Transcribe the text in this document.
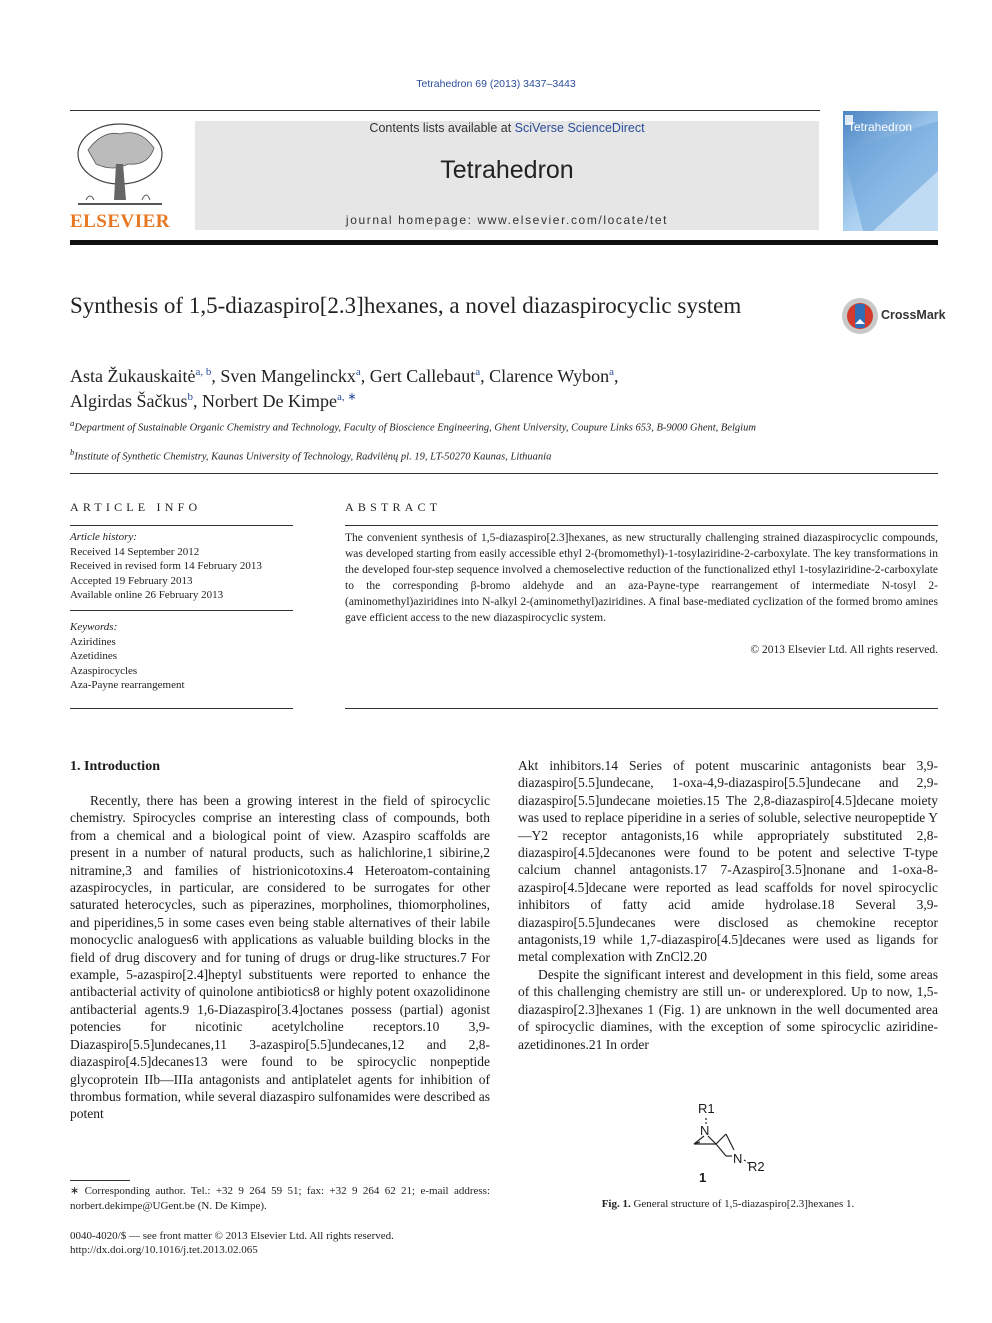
Tetrahedron 69 (2013) 3437–3443
ELSEVIER
Contents lists available at SciVerse ScienceDirect
Tetrahedron
journal homepage: www.elsevier.com/locate/tet
Tetrahedron
Synthesis of 1,5-diazaspiro[2.3]hexanes, a novel diazaspirocyclic system	CrossMark
Asta Žukauskaitė$^{a, b}$, Sven Mangelinckx$^a$, Gert Callebaut$^a$, Clarence Wybon$^a$,
Algirdas Šačkus$^b$, Norbert De Kimpe$^{a, ∗}$
$^a$Department of Sustainable Organic Chemistry and Technology, Faculty of Bioscience Engineering, Ghent University, Coupure Links 653, B-9000 Ghent, Belgium
$^b$Institute of Synthetic Chemistry, Kaunas University of Technology, Radvilėnų pl. 19, LT-50270 Kaunas, Lithuania
ARTICLE INFO
Article history:
Received 14 September 2012
Received in revised form 14 February 2013
Accepted 19 February 2013
Available online 26 February 2013
Keywords:
Aziridines
Azetidines
Azaspirocycles
Aza-Payne rearrangement
ABSTRACT
The convenient synthesis of 1,5-diazaspiro[2.3]hexanes, as new structurally challenging strained diazaspirocyclic compounds, was developed starting from easily accessible ethyl 2-(bromomethyl)-1-tosylaziridine-2-carboxylate. The key transformations in the developed four-step sequence involved a chemoselective reduction of the functionalized ethyl 1-tosylaziridine-2-carboxylate to the corresponding β-bromo aldehyde and an aza-Payne-type rearrangement of intermediate N-tosyl 2-(aminomethyl)aziridines into N-alkyl 2-(aminomethyl)aziridines. A final base-mediated cyclization of the formed bromo amines gave efficient access to the new diazaspirocyclic system.
© 2013 Elsevier Ltd. All rights reserved.
1. Introduction

Recently, there has been a growing interest in the field of spirocyclic chemistry. Spirocycles comprise an interesting class of compounds, both from a chemical and a biological point of view. Azaspiro scaffolds are present in a number of natural products, such as halichlorine,1 sibirine,2 nitramine,3 and families of histrionicotoxins.4 Heteroatom-containing azaspirocycles, in particular, are considered to be surrogates for other saturated heterocycles, such as piperazines, morpholines, thiomorpholines, and piperidines,5 in some cases even being stable alternatives of their labile monocyclic analogues6 with applications as valuable building blocks in the field of drug discovery and for tuning of drugs or drug-like structures.7 For example, 5-azaspiro[2.4]heptyl substituents were reported to enhance the antibacterial activity of quinolone antibiotics8 or highly potent oxazolidinone antibacterial agents.9 1,6-Diazaspiro[3.4]octanes possess (partial) agonist potencies for nicotinic acetylcholine receptors.10 3,9-Diazaspiro[5.5]undecanes,11 3-azaspiro[5.5]undecanes,12 and 2,8-diazaspiro[4.5]decanes13 were found to be spirocyclic nonpeptide glycoprotein IIb—IIIa antagonists and antiplatelet agents for inhibition of thrombus formation, while several diazaspiro sulfonamides were described as potent

Akt inhibitors.14 Series of potent muscarinic antagonists bear 3,9-diazaspiro[5.5]undecane, 1-oxa-4,9-diazaspiro[5.5]undecane and 2,9-diazaspiro[5.5]undecane moieties.15 The 2,8-diazaspiro[4.5]decane moiety was used to replace piperidine in a series of soluble, selective neuropeptide Y—Y2 receptor antagonists,16 while appropriately substituted 2,8-diazaspiro[4.5]decanones were found to be potent and selective T-type calcium channel antagonists.17 7-Azaspiro[3.5]nonane and 1-oxa-8-azaspiro[4.5]decane were reported as lead scaffolds for novel spirocyclic inhibitors of fatty acid amide hydrolase.18 Several 3,9-diazaspiro[5.5]undecanes were disclosed as chemokine receptor antagonists,19 while 1,7-diazaspiro[4.5]decanes were used as ligands for metal complexation with ZnCl2.20

Despite the significant interest and development in this field, some areas of this challenging chemistry are still un- or underexplored. Up to now, 1,5-diazaspiro[2.3]hexanes 1 (Fig. 1) are unknown in the well documented area of spirocyclic diamines, with the exception of some spirocyclic aziridine-azetidinones.21 In order

R1
N
N
R2
1
Fig. 1. General structure of 1,5-diazaspiro[2.3]hexanes 1.
∗ Corresponding author. Tel.: +32 9 264 59 51; fax: +32 9 264 62 21; e-mail address: norbert.dekimpe@UGent.be (N. De Kimpe).
0040-4020/$ — see front matter © 2013 Elsevier Ltd. All rights reserved.
http://dx.doi.org/10.1016/j.tet.2013.02.065
